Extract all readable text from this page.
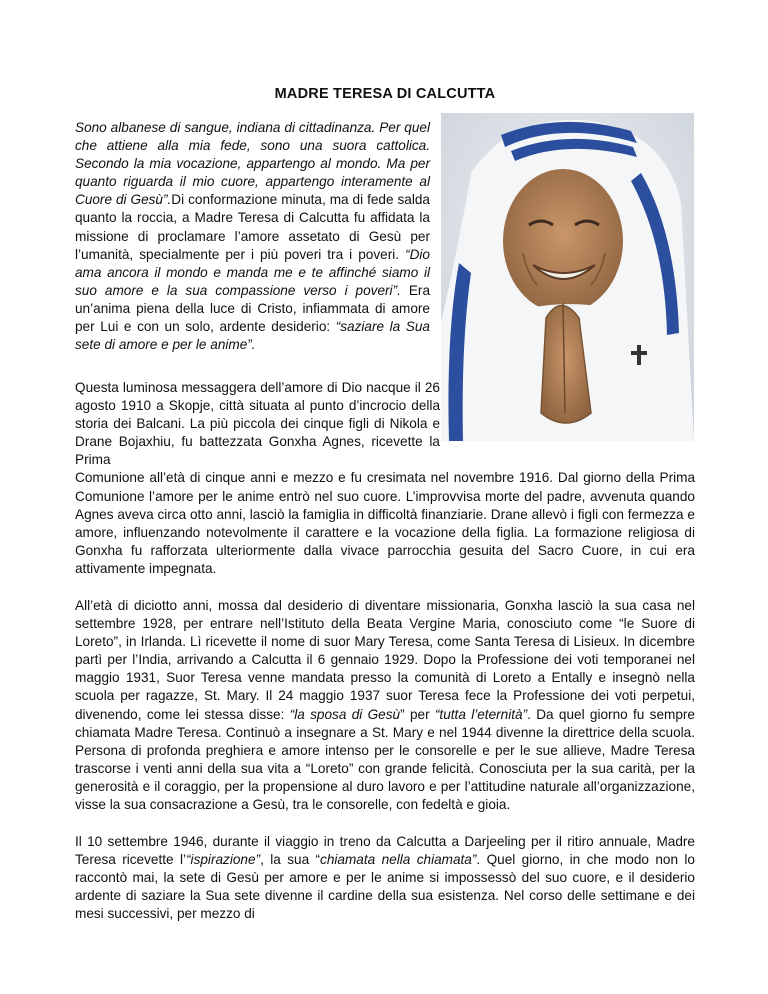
MADRE TERESA DI CALCUTTA

Sono albanese di sangue, indiana di cittadinanza. Per quel che attiene alla mia fede, sono una suora cattolica. Secondo la mia vocazione, appartengo al mondo. Ma per quanto riguarda il mio cuore, appartengo interamente al Cuore di Gesù”.Di conformazione minuta, ma di fede salda quanto la roccia, a Madre Teresa di Calcutta fu affidata la missione di proclamare l’amore assetato di Gesù per l’umanità, specialmente per i più poveri tra i poveri. “Dio ama ancora il mondo e manda me e te affinché siamo il suo amore e la sua compassione verso i poveri”. Era un’anima piena della luce di Cristo, infiammata di amore per Lui e con un solo, ardente desiderio: “saziare la Sua sete di amore e per le anime”.

Questa luminosa messaggera dell’amore di Dio nacque il 26 agosto 1910 a Skopje, città situata al punto d’incrocio della storia dei Balcani. La più piccola dei cinque figli di Nikola e Drane Bojaxhiu, fu battezzata Gonxha Agnes, ricevette la Prima
Comunione all’età di cinque anni e mezzo e fu cresimata nel novembre 1916. Dal giorno della Prima Comunione l’amore per le anime entrò nel suo cuore. L’improvvisa morte del padre, avvenuta quando Agnes aveva circa otto anni, lasciò la famiglia in difficoltà finanziarie. Drane allevò i figli con fermezza e amore, influenzando notevolmente il carattere e la vocazione della figlia. La formazione religiosa di Gonxha fu rafforzata ulteriormente dalla vivace parrocchia gesuita del Sacro Cuore, in cui era attivamente impegnata.

All’età di diciotto anni, mossa dal desiderio di diventare missionaria, Gonxha lasciò la sua casa nel settembre 1928, per entrare nell’Istituto della Beata Vergine Maria, conosciuto come “le Suore di Loreto”, in Irlanda. Lì ricevette il nome di suor Mary Teresa, come Santa Teresa di Lisieux. In dicembre partì per l’India, arrivando a Calcutta il 6 gennaio 1929. Dopo la Professione dei voti temporanei nel maggio 1931, Suor Teresa venne mandata presso la comunità di Loreto a Entally e insegnò nella scuola per ragazze, St. Mary. Il 24 maggio 1937 suor Teresa fece la Professione dei voti perpetui, divenendo, come lei stessa disse: “la sposa di Gesù” per “tutta l’eternità”. Da quel giorno fu sempre chiamata Madre Teresa. Continuò a insegnare a St. Mary e nel 1944 divenne la direttrice della scuola. Persona di profonda preghiera e amore intenso per le consorelle e per le sue allieve, Madre Teresa trascorse i venti anni della sua vita a “Loreto” con grande felicità. Conosciuta per la sua carità, per la generosità e il coraggio, per la propensione al duro lavoro e per l’attitudine naturale all’organizzazione, visse la sua consacrazione a Gesù, tra le consorelle, con fedeltà e gioia.

Il 10 settembre 1946, durante il viaggio in treno da Calcutta a Darjeeling per il ritiro annuale, Madre Teresa ricevette l’“ispirazione”, la sua “chiamata nella chiamata”. Quel giorno, in che modo non lo raccontò mai, la sete di Gesù per amore e per le anime si impossessò del suo cuore, e il desiderio ardente di saziare la Sua sete divenne il cardine della sua esistenza. Nel corso delle settimane e dei mesi successivi, per mezzo di
